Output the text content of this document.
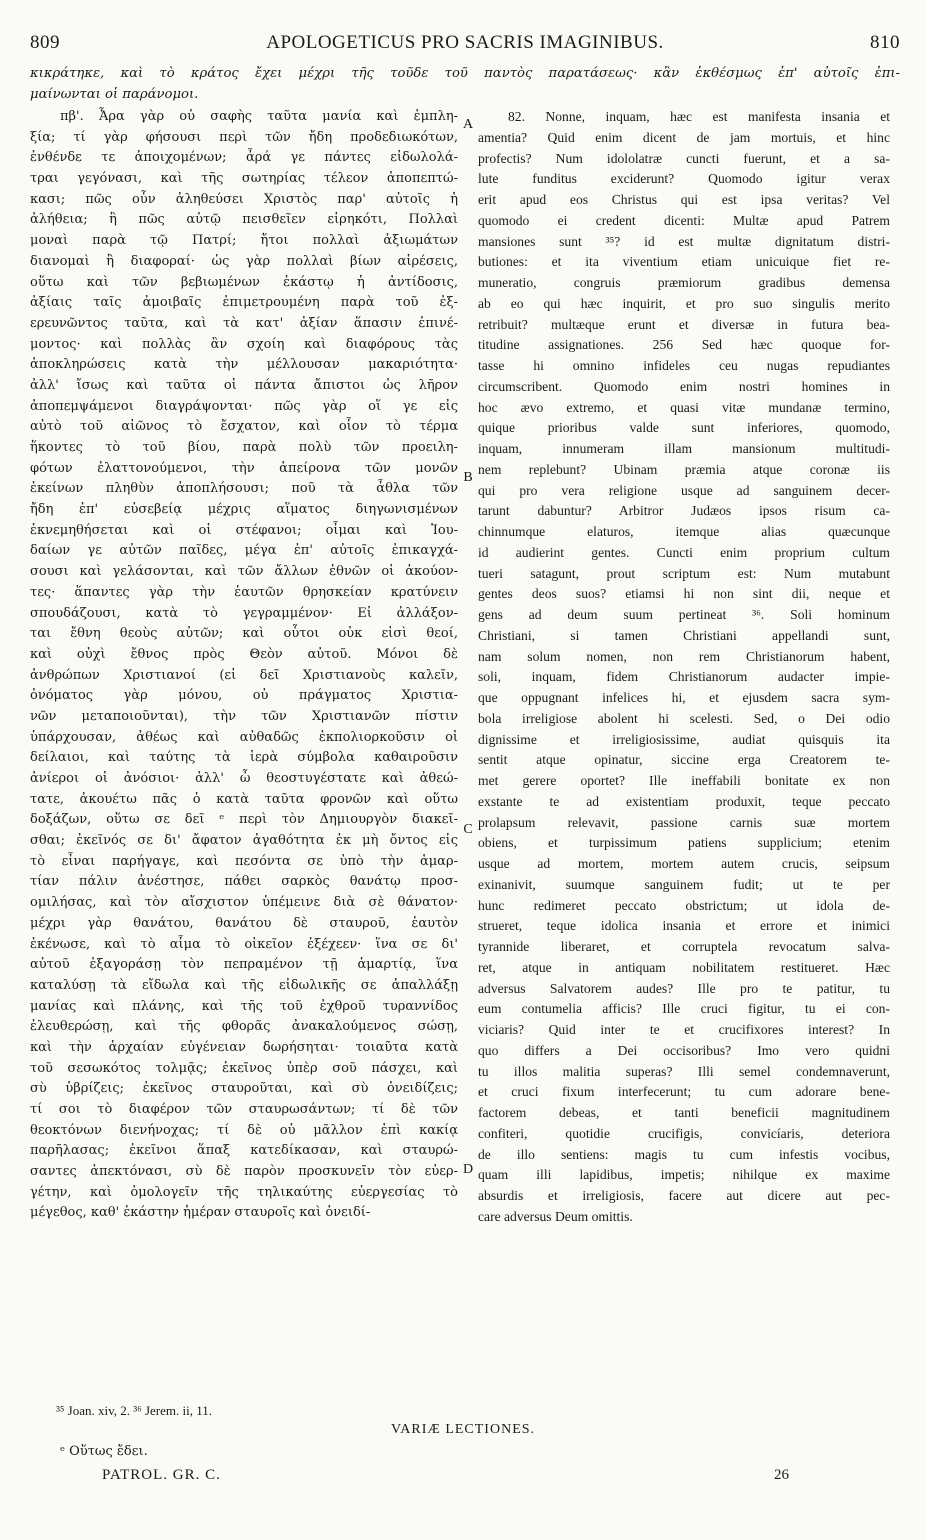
809	APOLOGETICUS PRO SACRIS IMAGINIBUS.	810
κικράτηκε, καὶ τὸ κράτος ἔχει μέχρι τῆς τοῦδε τοῦ παντὸς παρατάσεως· κἂν ἐκθέσμως ἐπ' αὐτοῖς ἐπι-
μαίνωνται οἱ παράνομοι.
πβ'. Ἆρα γὰρ οὐ σαφὴς ταῦτα μανία καὶ ἐμπλη-
ξία; τί γὰρ φήσουσι περὶ τῶν ἤδη προδεδιωκότων,
ἐνθένδε τε ἀποιχομένων; ἆρά γε πάντες εἰδωλολά-
τραι γεγόνασι, καὶ τῆς σωτηρίας τέλεον ἀποπεπτώ-
κασι; πῶς οὖν ἀληθεύσει Χριστὸς παρ' αὐτοῖς ἡ
ἀλήθεια; ἢ πῶς αὐτῷ πεισθεῖεν εἰρηκότι, Πολλαὶ
μοναὶ παρὰ τῷ Πατρί; ἤτοι πολλαὶ ἀξιωμάτων
διανομαὶ ἢ διαφοραί· ὡς γὰρ πολλαὶ βίων αἱρέσεις,
οὕτω καὶ τῶν βεβιωμένων ἑκάστῳ ἡ ἀντίδοσις,
ἀξίαις ταῖς ἀμοιβαῖς ἐπιμετρουμένη παρὰ τοῦ ἐξ-
ερευνῶντος ταῦτα, καὶ τὰ κατ' ἀξίαν ἅπασιν ἐπινέ-
μοντος· καὶ πολλὰς ἂν σχοίη καὶ διαφόρους τὰς
ἀποκληρώσεις κατὰ τὴν μέλλουσαν μακαριότητα·
ἀλλ' ἴσως καὶ ταῦτα οἱ πάντα ἄπιστοι ὡς λῆρον
ἀποπεμψάμενοι διαγράψονται· πῶς γὰρ οἵ γε εἰς
αὐτὸ τοῦ αἰῶνος τὸ ἔσχατον, καὶ οἷον τὸ τέρμα
ἥκοντες τὸ τοῦ βίου, παρὰ πολὺ τῶν προειλη-
φότων ἐλαττονούμενοι, τὴν ἀπείρονα τῶν μονῶν
ἐκείνων πληθὺν ἀποπλήσουσι; ποῦ τὰ ἆθλα τῶν
ἤδη ἐπ' εὐσεβείᾳ μέχρις αἵματος διηγωνισμένων
ἐκνεμηθήσεται καὶ οἱ στέφανοι; οἶμαι καὶ Ἰου-
δαίων γε αὐτῶν παῖδες, μέγα ἐπ' αὐτοῖς ἐπικαγχά-
σουσι καὶ γελάσονται, καὶ τῶν ἄλλων ἐθνῶν οἱ ἀκούον-
τες· ἅπαντες γὰρ τὴν ἑαυτῶν θρησκείαν κρατύνειν
σπουδάζουσι, κατὰ τὸ γεγραμμένον· Εἰ ἀλλάξον-
ται ἔθνη θεοὺς αὐτῶν; καὶ οὗτοι οὐκ εἰσὶ θεοί,
καὶ οὐχὶ ἔθνος πρὸς Θεὸν αὐτοῦ. Μόνοι δὲ
ἀνθρώπων Χριστιανοί (εἰ δεῖ Χριστιανοὺς καλεῖν,
ὀνόματος γὰρ μόνου, οὐ πράγματος Χριστια-
νῶν μεταποιοῦνται), τὴν τῶν Χριστιανῶν πίστιν
ὑπάρχουσαν, ἀθέως καὶ αὐθαδῶς ἐκπολιορκοῦσιν οἱ
δείλαιοι, καὶ ταύτης τὰ ἱερὰ σύμβολα καθαιροῦσιν
ἀνίεροι οἱ ἀνόσιοι· ἀλλ' ὦ θεοστυγέστατε καὶ ἀθεώ-
τατε, ἀκουέτω πᾶς ὁ κατὰ ταῦτα φρονῶν καὶ οὕτω
δοξάζων, οὕτω σε δεῖ ᵉ περὶ τὸν Δημιουργὸν διακεῖ-
σθαι; ἐκεῖνός σε δι' ἄφατον ἀγαθότητα ἐκ μὴ ὄντος εἰς
τὸ εἶναι παρήγαγε, καὶ πεσόντα σε ὑπὸ τὴν ἁμαρ-
τίαν πάλιν ἀνέστησε, πάθει σαρκὸς θανάτῳ προσ-
ομιλήσας, καὶ τὸν αἴσχιστον ὑπέμεινε διὰ σὲ θάνατον·
μέχρι γὰρ θανάτου, θανάτου δὲ σταυροῦ, ἑαυτὸν
ἐκένωσε, καὶ τὸ αἷμα τὸ οἰκεῖον ἐξέχεεν· ἵνα σε δι'
αὐτοῦ ἐξαγοράσῃ τὸν πεπραμένον τῇ ἁμαρτίᾳ, ἵνα
καταλύσῃ τὰ εἴδωλα καὶ τῆς εἰδωλικῆς σε ἀπαλλάξῃ
μανίας καὶ πλάνης, καὶ τῆς τοῦ ἐχθροῦ τυραννίδος
ἐλευθερώσῃ, καὶ τῆς φθορᾶς ἀνακαλούμενος σώσῃ,
καὶ τὴν ἀρχαίαν εὐγένειαν δωρήσηται· τοιαῦτα κατὰ
τοῦ σεσωκότος τολμᾷς; ἐκεῖνος ὑπὲρ σοῦ πάσχει, καὶ
σὺ ὑβρίζεις; ἐκεῖνος σταυροῦται, καὶ σὺ ὀνειδίζεις;
τί σοι τὸ διαφέρον τῶν σταυρωσάντων; τί δὲ τῶν
θεοκτόνων διενήνοχας; τί δὲ οὐ μᾶλλον ἐπὶ κακίᾳ
παρῆλασας; ἐκεῖνοι ἅπαξ κατεδίκασαν, καὶ σταυρώ-
σαντες ἀπεκτόνασι, σὺ δὲ παρὸν προσκυνεῖν τὸν εὐερ-
γέτην, καὶ ὁμολογεῖν τῆς τηλικαύτης εὐεργεσίας τὸ
μέγεθος, καθ' ἑκάστην ἡμέραν σταυροῖς καὶ ὀνειδί-
A
B
C
D
82. Nonne, inquam, hæc est manifesta insania et
amentia? Quid enim dicent de jam mortuis, et hinc
profectis? Num idololatræ cuncti fuerunt, et a sa-
lute funditus exciderunt? Quomodo igitur verax
erit apud eos Christus qui est ipsa veritas? Vel
quomodo ei credent dicenti: Multæ apud Patrem
mansiones sunt ³⁵? id est multæ dignitatum distri-
butiones: et ita viventium etiam unicuique fiet re-
muneratio, congruis præmiorum gradibus demensa
ab eo qui hæc inquirit, et pro suo singulis merito
retribuit? multæque erunt et diversæ in futura bea-
titudine assignationes. 256 Sed hæc quoque for-
tasse hi omnino infideles ceu nugas repudiantes
circumscribent. Quomodo enim nostri homines in
hoc ævo extremo, et quasi vitæ mundanæ termino,
quique prioribus valde sunt inferiores, quomodo,
inquam, innumeram illam mansionum multitudi-
nem replebunt? Ubinam præmia atque coronæ iis
qui pro vera religione usque ad sanguinem decer-
tarunt dabuntur? Arbitror Judæos ipsos risum ca-
chinnumque elaturos, itemque alias quæcunque
id audierint gentes. Cuncti enim proprium cultum
tueri satagunt, prout scriptum est: Num mutabunt
gentes deos suos? etiamsi hi non sint dii, neque et
gens ad deum suum pertineat ³⁶. Soli hominum
Christiani, si tamen Christiani appellandi sunt,
nam solum nomen, non rem Christianorum habent,
soli, inquam, fidem Christianorum audacter impie-
que oppugnant infelices hi, et ejusdem sacra sym-
bola irreligiose abolent hi scelesti. Sed, o Dei odio
dignissime et irreligiosissime, audiat quisquis ita
sentit atque opinatur, siccine erga Creatorem te-
met gerere oportet? Ille ineffabili bonitate ex non
exstante te ad existentiam produxit, teque peccato
prolapsum relevavit, passione carnis suæ mortem
obiens, et turpissimum patiens supplicium; etenim
usque ad mortem, mortem autem crucis, seipsum
exinanivit, suumque sanguinem fudit; ut te per
hunc redimeret peccato obstrictum; ut idola de-
strueret, teque idolica insania et errore et inimici
tyrannide liberaret, et corruptela revocatum salva-
ret, atque in antiquam nobilitatem restitueret. Hæc
adversus Salvatorem audes? Ille pro te patitur, tu
eum contumelia afficis? Ille cruci figitur, tu ei con-
viciaris? Quid inter te et crucifixores interest? In
quo differs a Dei occisoribus? Imo vero quidni
tu illos malitia superas? Illi semel condemnaverunt,
et cruci fixum interfecerunt; tu cum adorare bene-
factorem debeas, et tanti beneficii magnitudinem
confiteri, quotidie crucifigis, convicíaris, deteriora
de illo sentiens: magis tu cum infestis vocibus,
quam illi lapidibus, impetis; nihilque ex maxime
absurdis et irreligiosis, facere aut dicere aut pec-
care adversus Deum omittis.
³⁵ Joan. xiv, 2. ³⁶ Jerem. ii, 11.
VARIÆ LECTIONES.
ᵉ Οὕτως ἔδει.
PATROL. GR. C.	26
